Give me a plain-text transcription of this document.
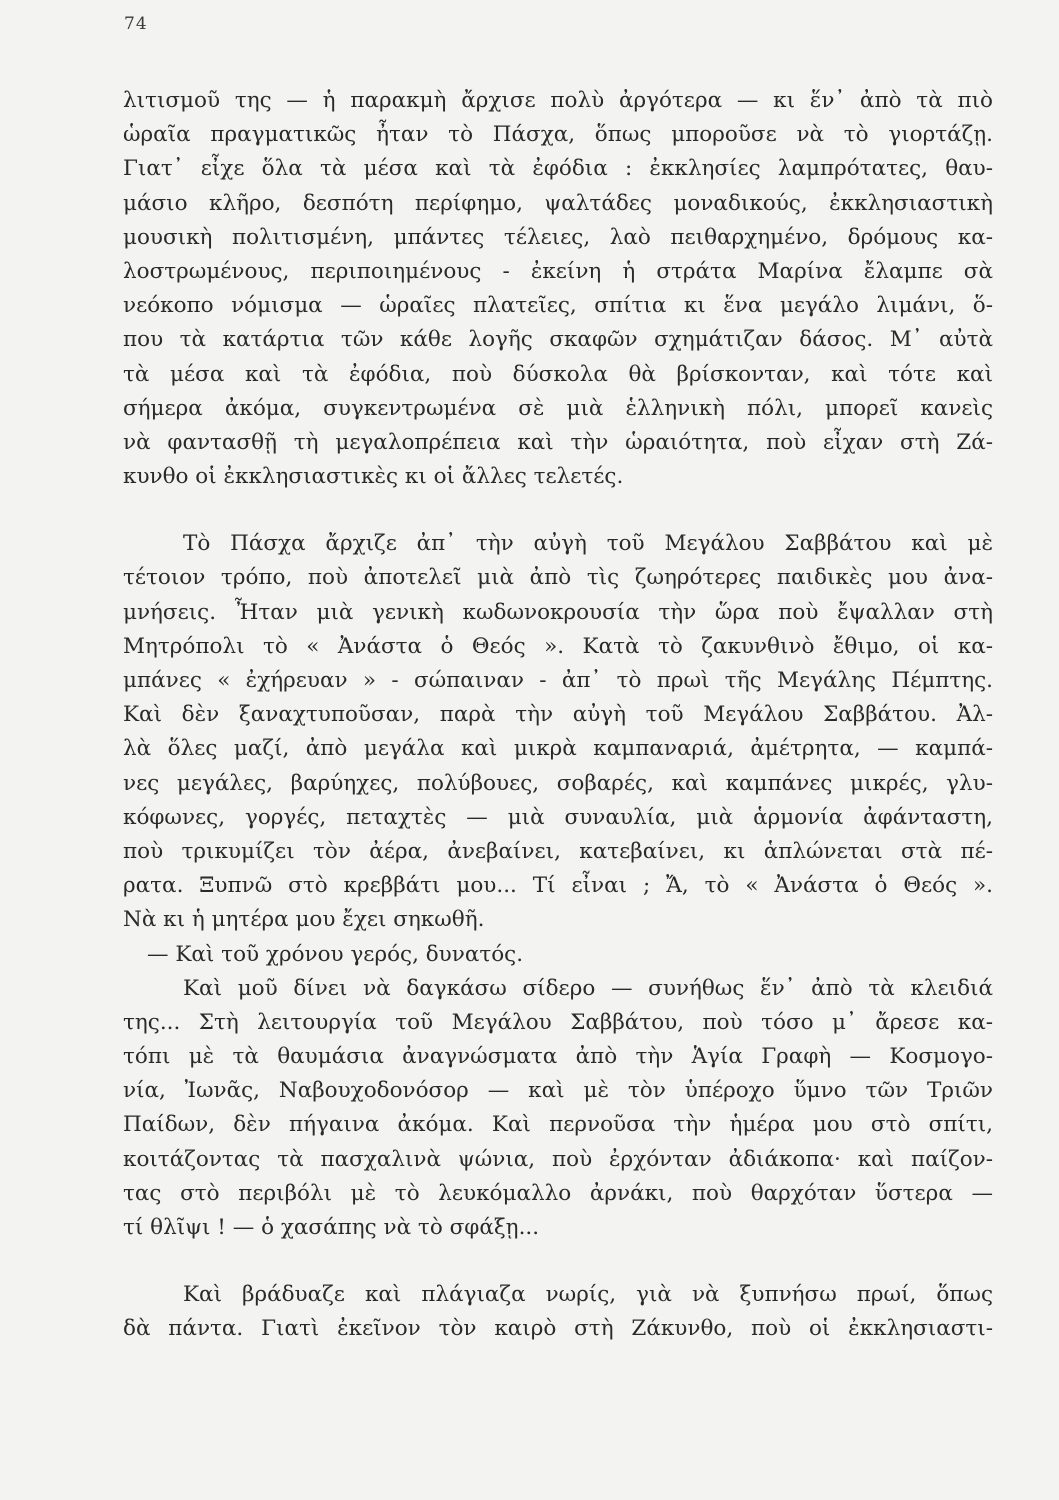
74
λιτισμοῦ της — ἡ παρακμὴ ἄρχισε πολὺ ἀργότερα — κι ἕν᾽ ἀπὸ τὰ πιὸ
ὡραῖα πραγματικῶς ἦταν τὸ Πάσχα, ὅπως μποροῦσε νὰ τὸ γιορτάζῃ.
Γιατ᾽ εἶχε ὅλα τὰ μέσα καὶ τὰ ἐφόδια : ἐκκλησίες λαμπρότατες, θαυ-
μάσιο κλῆρο, δεσπότη περίφημο, ψαλτάδες μοναδικούς, ἐκκλησιαστικὴ
μουσικὴ πολιτισμένη, μπάντες τέλειες, λαὸ πειθαρχημένο, δρόμους κα-
λοστρωμένους, περιποιημένους - ἐκείνη ἡ στράτα Μαρίνα ἔλαμπε σὰ
νεόκοπο νόμισμα — ὡραῖες πλατεῖες, σπίτια κι ἕνα μεγάλο λιμάνι, ὅ-
που τὰ κατάρτια τῶν κάθε λογῆς σκαφῶν σχημάτιζαν δάσος. Μ᾽ αὐτὰ
τὰ μέσα καὶ τὰ ἐφόδια, ποὺ δύσκολα θὰ βρίσκονταν, καὶ τότε καὶ
σήμερα ἀκόμα, συγκεντρωμένα σὲ μιὰ ἑλληνικὴ πόλι, μπορεῖ κανεὶς
νὰ φαντασθῇ τὴ μεγαλοπρέπεια καὶ τὴν ὡραιότητα, ποὺ εἶχαν στὴ Ζά-
κυνθο οἱ ἐκκλησιαστικὲς κι οἱ ἄλλες τελετές.
Τὸ Πάσχα ἄρχιζε ἀπ᾽ τὴν αὐγὴ τοῦ Μεγάλου Σαββάτου καὶ μὲ
τέτοιον τρόπο, ποὺ ἀποτελεῖ μιὰ ἀπὸ τὶς ζωηρότερες παιδικὲς μου ἀνα-
μνήσεις. Ἦταν μιὰ γενικὴ κωδωνοκρουσία τὴν ὥρα ποὺ ἔψαλλαν στὴ
Μητρόπολι τὸ « Ἀνάστα ὁ Θεός ». Κατὰ τὸ ζακυνθινὸ ἔθιμο, οἱ κα-
μπάνες « ἐχήρευαν » - σώπαιναν - ἀπ᾽ τὸ πρωὶ τῆς Μεγάλης Πέμπτης.
Καὶ δὲν ξαναχτυποῦσαν, παρὰ τὴν αὐγὴ τοῦ Μεγάλου Σαββάτου. Ἀλ-
λὰ ὅλες μαζί, ἀπὸ μεγάλα καὶ μικρὰ καμπαναριά, ἀμέτρητα, — καμπά-
νες μεγάλες, βαρύηχες, πολύβουες, σοβαρές, καὶ καμπάνες μικρές, γλυ-
κόφωνες, γοργές, πεταχτὲς — μιὰ συναυλία, μιὰ ἁρμονία ἀφάνταστη,
ποὺ τρικυμίζει τὸν ἀέρα, ἀνεβαίνει, κατεβαίνει, κι ἁπλώνεται στὰ πέ-
ρατα. Ξυπνῶ στὸ κρεββάτι μου... Τί εἶναι ; Ἄ, τὸ « Ἀνάστα ὁ Θεός ».
Νὰ κι ἡ μητέρα μου ἔχει σηκωθῆ.
— Καὶ τοῦ χρόνου γερός, δυνατός.
Καὶ μοῦ δίνει νὰ δαγκάσω σίδερο — συνήθως ἕν᾽ ἀπὸ τὰ κλειδιά
της... Στὴ λειτουργία τοῦ Μεγάλου Σαββάτου, ποὺ τόσο μ᾽ ἄρεσε κα-
τόπι μὲ τὰ θαυμάσια ἀναγνώσματα ἀπὸ τὴν Ἁγία Γραφὴ — Κοσμογο-
νία, Ἰωνᾶς, Ναβουχοδονόσορ — καὶ μὲ τὸν ὑπέροχο ὕμνο τῶν Τριῶν
Παίδων, δὲν πήγαινα ἀκόμα. Καὶ περνοῦσα τὴν ἡμέρα μου στὸ σπίτι,
κοιτάζοντας τὰ πασχαλινὰ ψώνια, ποὺ ἐρχόνταν ἀδιάκοπα· καὶ παίζον-
τας στὸ περιβόλι μὲ τὸ λευκόμαλλο ἀρνάκι, ποὺ θαρχόταν ὕστερα —
τί θλῖψι ! — ὁ χασάπης νὰ τὸ σφάξῃ...
Καὶ βράδυαζε καὶ πλάγιαζα νωρίς, γιὰ νὰ ξυπνήσω πρωί, ὅπως
δὰ πάντα. Γιατὶ ἐκεῖνον τὸν καιρὸ στὴ Ζάκυνθο, ποὺ οἱ ἐκκλησιαστι-
